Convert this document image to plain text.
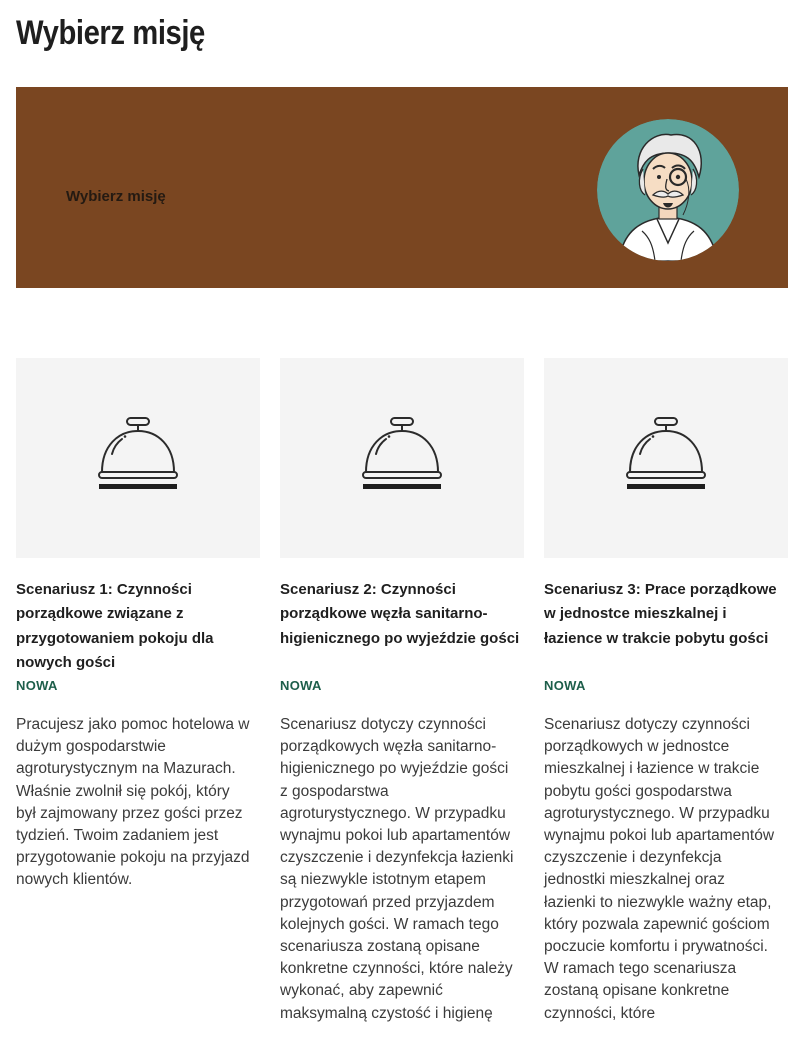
Wybierz misję
Wybierz misję
Scenariusz 1: Czynności porządkowe związane z przygotowaniem pokoju dla nowych gości
NOWA

Pracujesz jako pomoc hotelowa w dużym gospodarstwie agroturystycznym na Mazurach. Właśnie zwolnił się pokój, który był zajmowany przez gości przez tydzień. Twoim zadaniem jest przygotowanie pokoju na przyjazd nowych klientów.

Scenariusz 2: Czynności porządkowe węzła sanitarno-higienicznego po wyjeździe gości
NOWA

Scenariusz dotyczy czynności porządkowych węzła sanitarno-higienicznego po wyjeździe gości z gospodarstwa agroturystycznego. W przypadku wynajmu pokoi lub apartamentów czyszczenie i dezynfekcja łazienki są niezwykle istotnym etapem przygotowań przed przyjazdem kolejnych gości. W ramach tego scenariusza zostaną opisane konkretne czynności, które należy wykonać, aby zapewnić maksymalną czystość i higienę

Scenariusz 3: Prace porządkowe w jednostce mieszkalnej i łazience w trakcie pobytu gości
NOWA

Scenariusz dotyczy czynności porządkowych w jednostce mieszkalnej i łazience w trakcie pobytu gości gospodarstwa agroturystycznego. W przypadku wynajmu pokoi lub apartamentów czyszczenie i dezynfekcja jednostki mieszkalnej oraz łazienki to niezwykle ważny etap, który pozwala zapewnić gościom poczucie komfortu i prywatności. W ramach tego scenariusza zostaną opisane konkretne czynności, które
